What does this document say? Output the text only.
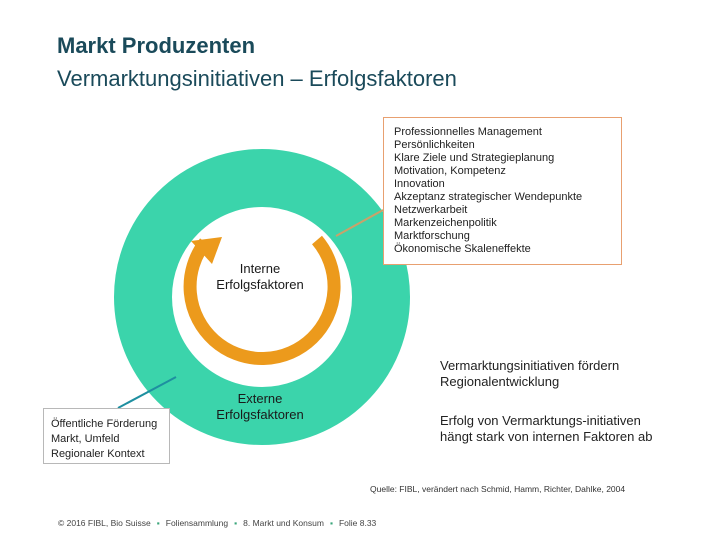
Markt Produzenten
Vermarktungsinitiativen – Erfolgsfaktoren
Professionnelles Management
Persönlichkeiten
Klare Ziele und Strategieplanung
Motivation, Kompetenz
Innovation
Akzeptanz strategischer Wendepunkte
Netzwerkarbeit
Markenzeichenpolitik
Marktforschung
Ökonomische Skaleneffekte
Öffentliche Förderung
Markt, Umfeld
Regionaler Kontext
Interne
Erfolgsfaktoren
Externe
Erfolgsfaktoren
Vermarktungsinitiativen fördern Regionalentwicklung
Erfolg von Vermarktungs-initiativen hängt stark von internen Faktoren ab
Quelle: FIBL, verändert nach Schmid, Hamm, Richter, Dahlke, 2004
© 2016 FIBL, Bio Suisse ▪ Foliensammlung ▪ 8. Markt und Konsum ▪ Folie 8.33
